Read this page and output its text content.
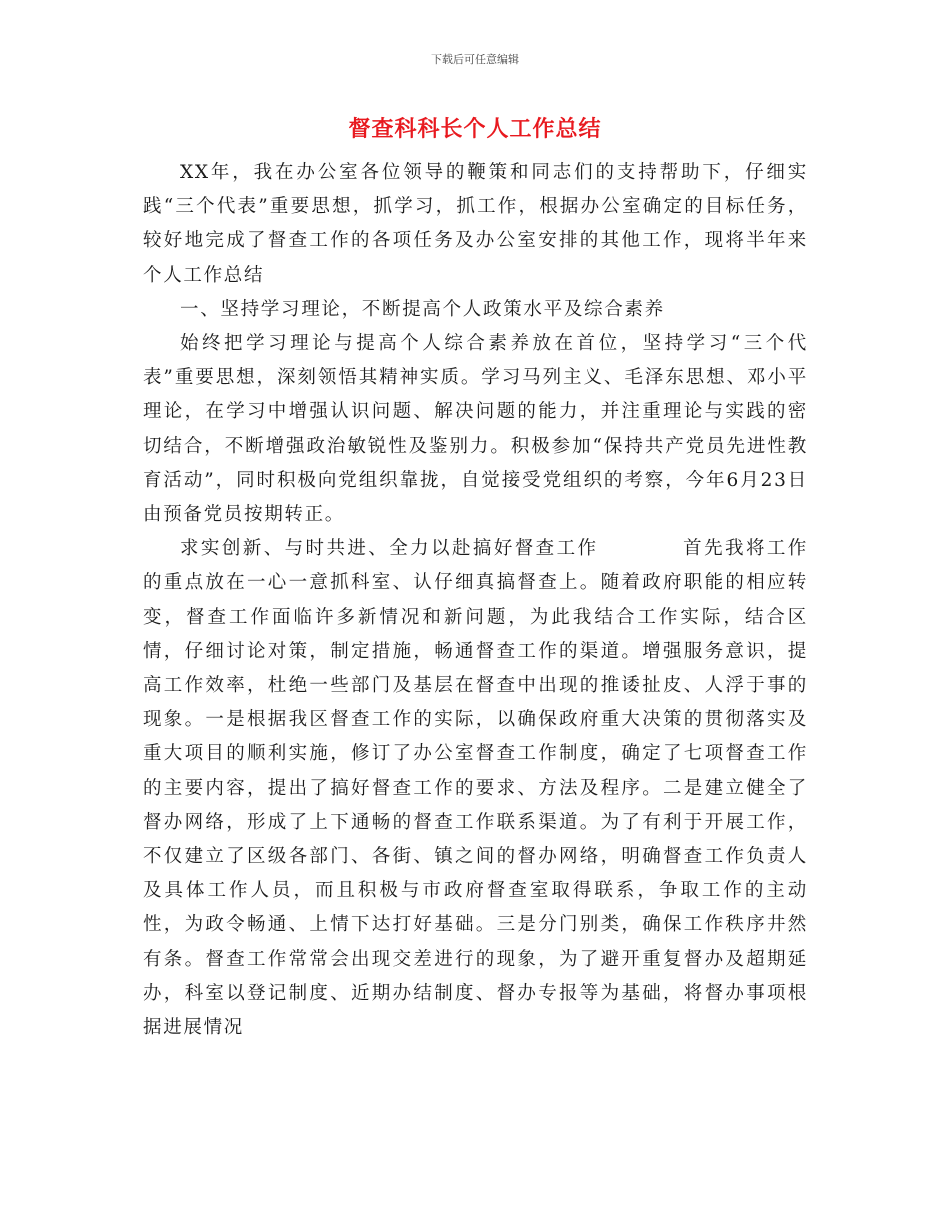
下载后可任意编辑
督查科科长个人工作总结

XX年，我在办公室各位领导的鞭策和同志们的支持帮助下，仔细实践“三个代表”重要思想，抓学习，抓工作，根据办公室确定的目标任务，较好地完成了督查工作的各项任务及办公室安排的其他工作，现将半年来个人工作总结

一、坚持学习理论，不断提高个人政策水平及综合素养

始终把学习理论与提高个人综合素养放在首位，坚持学习“三个代表”重要思想，深刻领悟其精神实质。学习马列主义、毛泽东思想、邓小平理论，在学习中增强认识问题、解决问题的能力，并注重理论与实践的密切结合，不断增强政治敏锐性及鉴别力。积极参加“保持共产党员先进性教育活动”，同时积极向党组织靠拢，自觉接受党组织的考察，今年6月23日由预备党员按期转正。

求实创新、与时共进、全力以赴搞好督查工作	首先我将工作的重点放在一心一意抓科室、认仔细真搞督查上。随着政府职能的相应转变，督查工作面临许多新情况和新问题，为此我结合工作实际，结合区情，仔细讨论对策，制定措施，畅通督查工作的渠道。增强服务意识，提高工作效率，杜绝一些部门及基层在督查中出现的推诿扯皮、人浮于事的现象。一是根据我区督查工作的实际，以确保政府重大决策的贯彻落实及重大项目的顺利实施，修订了办公室督查工作制度，确定了七项督查工作的主要内容，提出了搞好督查工作的要求、方法及程序。二是建立健全了督办网络，形成了上下通畅的督查工作联系渠道。为了有利于开展工作，不仅建立了区级各部门、各街、镇之间的督办网络，明确督查工作负责人及具体工作人员，而且积极与市政府督查室取得联系，争取工作的主动性，为政令畅通、上情下达打好基础。三是分门别类，确保工作秩序井然有条。督查工作常常会出现交差进行的现象，为了避开重复督办及超期延办，科室以登记制度、近期办结制度、督办专报等为基础，将督办事项根据进展情况
